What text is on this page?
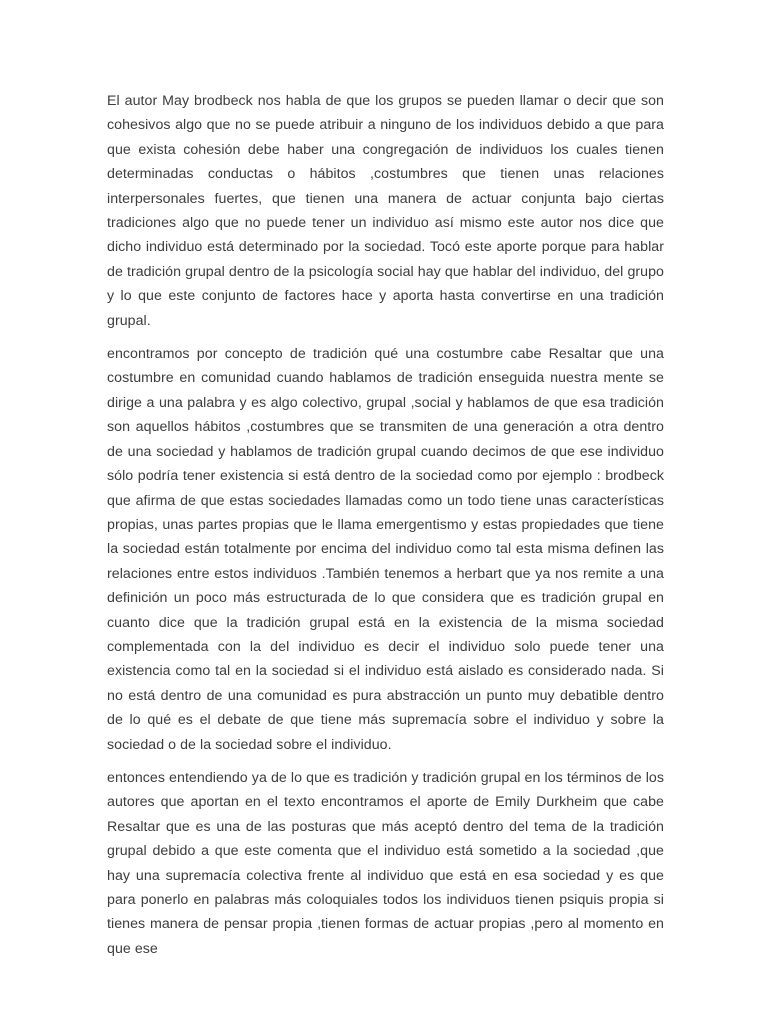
El autor May brodbeck nos habla de que los grupos se pueden llamar o decir que son cohesivos algo que no se puede atribuir a ninguno de los individuos debido a que para que exista cohesión debe haber una congregación de individuos los cuales tienen determinadas conductas o hábitos ,costumbres que tienen unas relaciones interpersonales fuertes, que tienen una manera de actuar conjunta bajo ciertas tradiciones algo que no puede tener un individuo así mismo este autor nos dice que dicho individuo está determinado por la sociedad. Tocó este aporte porque para hablar de tradición grupal dentro de la psicología social hay que hablar del individuo, del grupo y lo que este conjunto de factores hace y aporta hasta convertirse en una tradición grupal.

encontramos por concepto de tradición qué una costumbre cabe Resaltar que una costumbre en comunidad cuando hablamos de tradición enseguida nuestra mente se dirige a una palabra y es algo colectivo, grupal ,social y hablamos de que esa tradición son aquellos hábitos ,costumbres que se transmiten de una generación a otra dentro de una sociedad y hablamos de tradición grupal cuando decimos de que ese individuo sólo podría tener existencia si está dentro de la sociedad como por ejemplo : brodbeck que afirma de que estas sociedades llamadas como un todo tiene unas características propias, unas partes propias que le llama emergentismo y estas propiedades que tiene la sociedad están totalmente por encima del individuo como tal esta misma definen las relaciones entre estos individuos .También tenemos a herbart que ya nos remite a una definición un poco más estructurada de lo que considera que es tradición grupal en cuanto dice que la tradición grupal está en la existencia de la misma sociedad complementada con la del individuo es decir el individuo solo puede tener una existencia como tal en la sociedad si el individuo está aislado es considerado nada. Si no está dentro de una comunidad es pura abstracción un punto muy debatible dentro de lo qué es el debate de que tiene más supremacía sobre el individuo y sobre la sociedad o de la sociedad sobre el individuo.

entonces entendiendo ya de lo que es tradición y tradición grupal en los términos de los autores que aportan en el texto encontramos el aporte de Emily Durkheim que cabe Resaltar que es una de las posturas que más aceptó dentro del tema de la tradición grupal debido a que este comenta que el individuo está sometido a la sociedad ,que hay una supremacía colectiva frente al individuo que está en esa sociedad y es que para ponerlo en palabras más coloquiales todos los individuos tienen psiquis propia si tienes manera de pensar propia ,tienen formas de actuar propias ,pero al momento en que ese
